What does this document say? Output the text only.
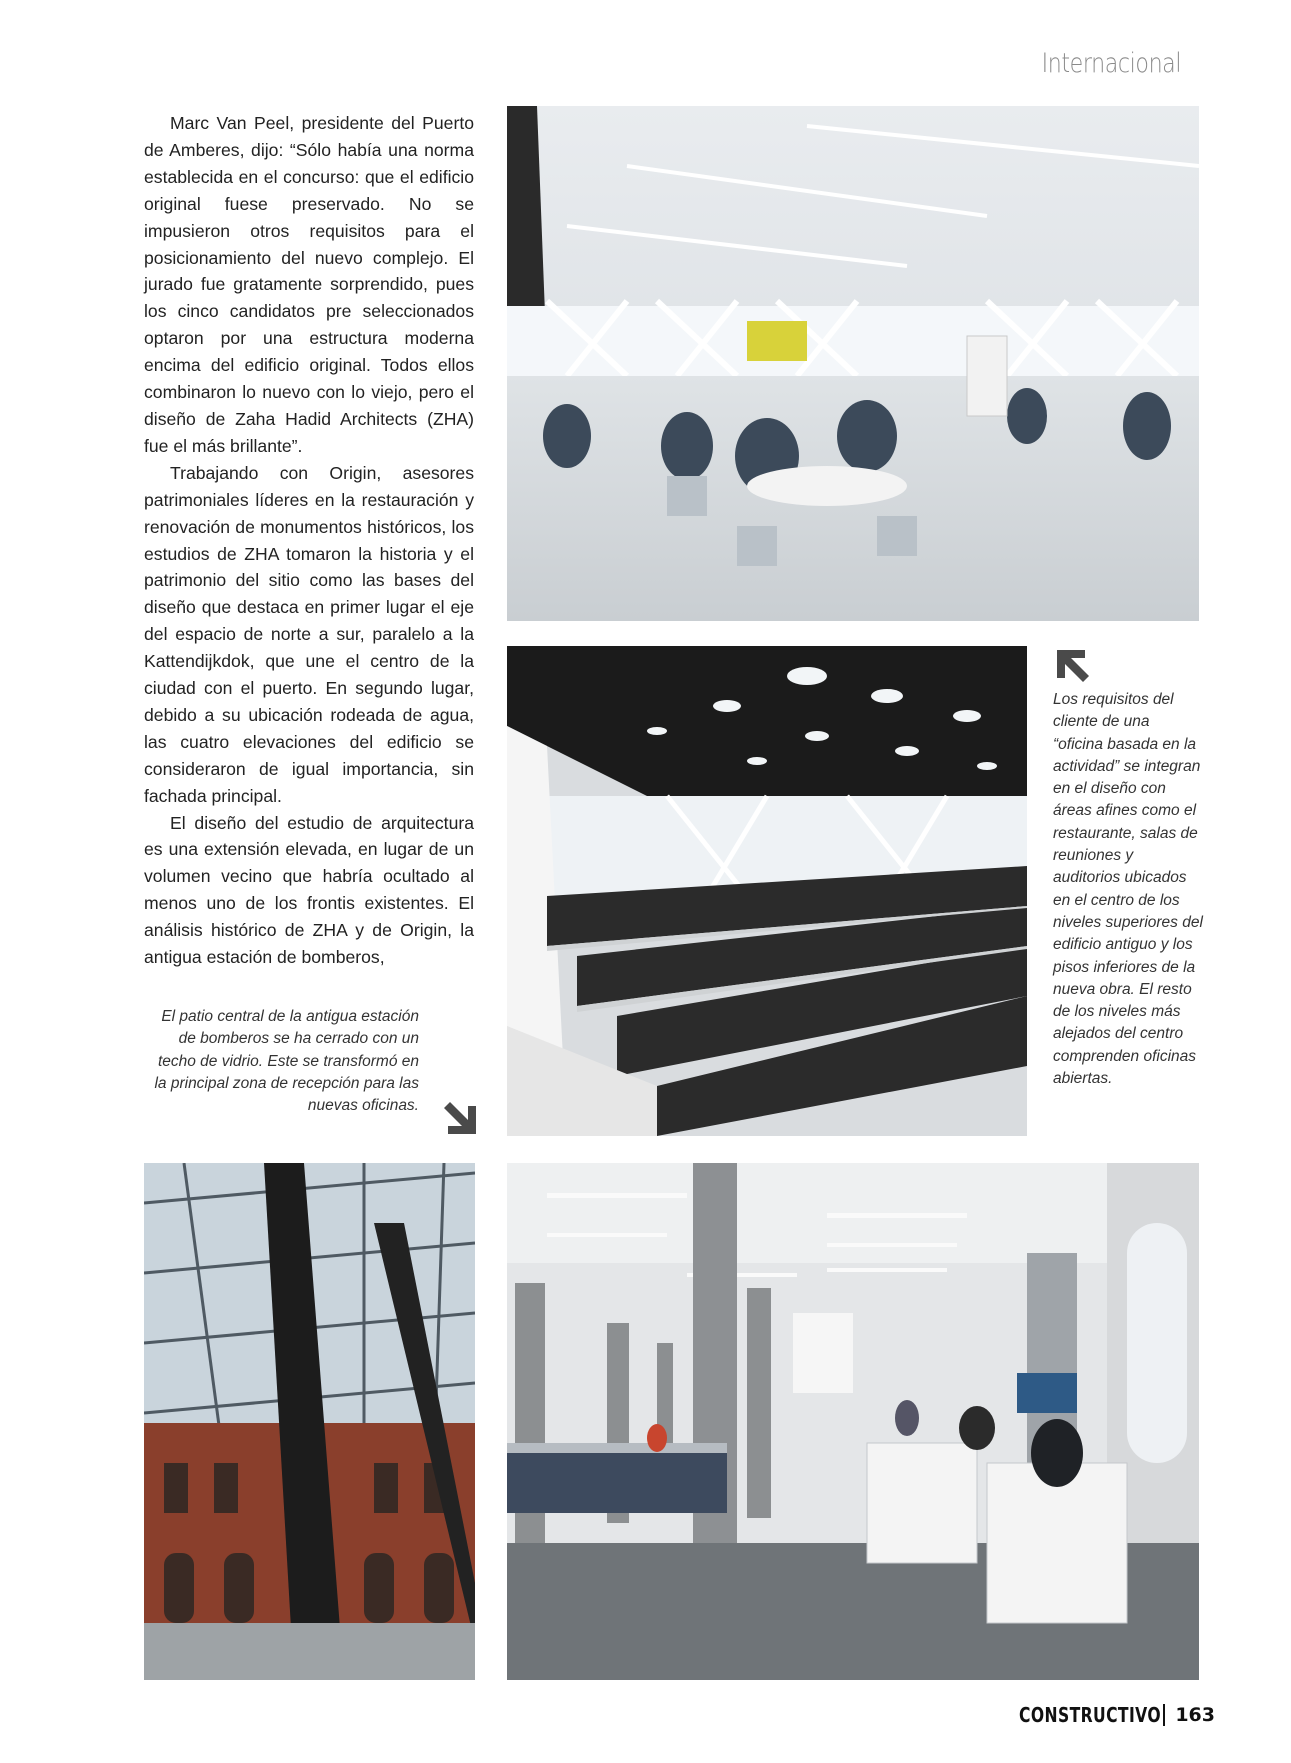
Internacional

Marc Van Peel, presidente del Puerto de Amberes, dijo: “Sólo había una norma establecida en el concurso: que el edificio original fuese preservado. No se impusieron otros requisitos para el posicionamiento del nuevo complejo. El jurado fue gratamente sorprendido, pues los cinco candidatos pre seleccionados optaron por una estructura moderna encima del edificio original. Todos ellos combinaron lo nuevo con lo viejo, pero el diseño de Zaha Hadid Architects (ZHA) fue el más brillante”.

Trabajando con Origin, asesores patrimoniales líderes en la restauración y renovación de monumentos históricos, los estudios de ZHA tomaron la historia y el patrimonio del sitio como las bases del diseño que destaca en primer lugar el eje del espacio de norte a sur, paralelo a la Kattendijkdok, que une el centro de la ciudad con el puerto. En segundo lugar, debido a su ubicación rodeada de agua, las cuatro elevaciones del edificio se consideraron de igual importancia, sin fachada principal.

El diseño del estudio de arquitectura es una extensión elevada, en lugar de un volumen vecino que habría ocultado al menos uno de los frontis existentes. El análisis histórico de ZHA y de Origin, la antigua estación de bomberos,

El patio central de la antigua estación de bomberos se ha cerrado con un techo de vidrio. Este se transformó en la principal zona de recepción para las nuevas oficinas.
Los requisitos del cliente de una “oficina basada en la actividad” se integran en el diseño con áreas afines como el restaurante, salas de reuniones y auditorios ubicados en el centro de los niveles superiores del edificio antiguo y los pisos inferiores de la nueva obra. El resto de los niveles más alejados del centro comprenden oficinas abiertas.
CONSTRUCTIVO 163
